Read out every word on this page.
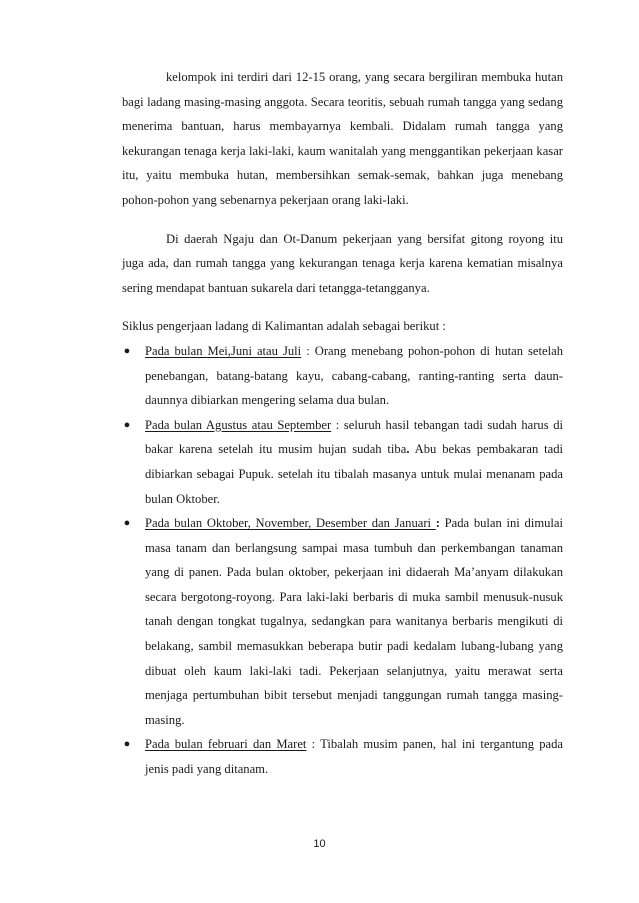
kelompok ini terdiri dari 12-15 orang, yang secara bergiliran membuka hutan bagi ladang masing-masing anggota. Secara teoritis, sebuah rumah tangga yang sedang menerima bantuan, harus membayarnya kembali. Didalam rumah tangga yang kekurangan tenaga kerja laki-laki, kaum wanitalah yang menggantikan pekerjaan kasar itu, yaitu membuka hutan, membersihkan semak-semak, bahkan juga menebang pohon-pohon yang sebenarnya pekerjaan orang laki-laki.

Di daerah Ngaju dan Ot-Danum pekerjaan yang bersifat gitong royong itu juga ada, dan rumah tangga yang kekurangan tenaga kerja karena kematian misalnya sering mendapat bantuan sukarela dari tetangga-tetangganya.

Siklus pengerjaan ladang di Kalimantan adalah sebagai berikut :

● Pada bulan Mei,Juni atau Juli : Orang menebang pohon-pohon di hutan setelah penebangan, batang-batang kayu, cabang-cabang, ranting-ranting serta daun-daunnya dibiarkan mengering selama dua bulan.
● Pada bulan Agustus atau September : seluruh hasil tebangan tadi sudah harus di bakar karena setelah itu musim hujan sudah tiba. Abu bekas pembakaran tadi dibiarkan sebagai Pupuk. setelah itu tibalah masanya untuk mulai menanam pada bulan Oktober.
● Pada bulan Oktober, November, Desember dan Januari : Pada bulan ini dimulai masa tanam dan berlangsung sampai masa tumbuh dan perkembangan tanaman yang di panen. Pada bulan oktober, pekerjaan ini didaerah Ma’anyam dilakukan secara bergotong-royong. Para laki-laki berbaris di muka sambil menusuk-nusuk tanah dengan tongkat tugalnya, sedangkan para wanitanya berbaris mengikuti di belakang, sambil memasukkan beberapa butir padi kedalam lubang-lubang yang dibuat oleh kaum laki-laki tadi. Pekerjaan selanjutnya, yaitu merawat serta menjaga pertumbuhan bibit tersebut menjadi tanggungan rumah tangga masing-masing.
● Pada bulan februari dan Maret : Tibalah musim panen, hal ini tergantung pada jenis padi yang ditanam.
10
